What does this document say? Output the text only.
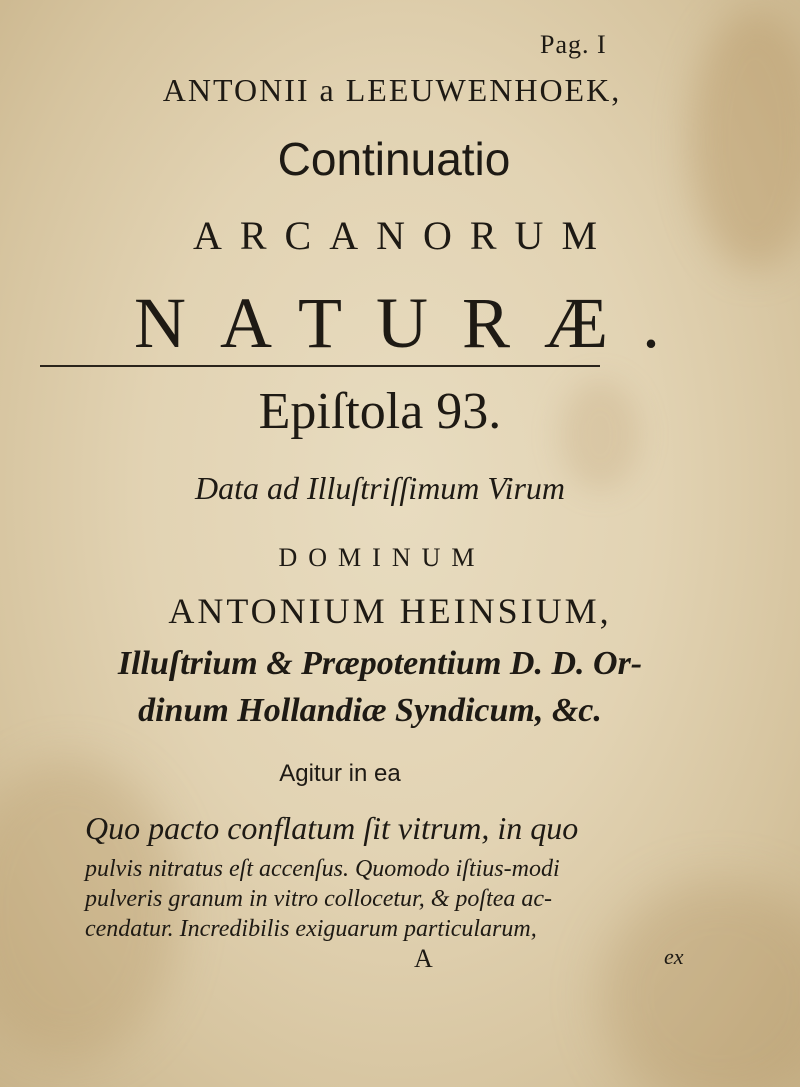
Pag. I
ANTONII a LEEUWENHOEK,
Continuatio
ARCANORUM
NATURÆ.
Epiſtola 93.
Data ad Illuſtriſſimum Virum
DOMINUM
ANTONIUM HEINSIUM,
Illuſtrium & Præpotentium D. D. Or-
dinum Hollandiæ Syndicum, &c.
Agitur in ea
Quo pacto conflatum ſit vitrum, in quo
pulvis nitratus eſt accenſus. Quomodo iſtius-modi
pulveris granum in vitro collocetur, & poſtea ac-
cendatur. Incredibilis exiguarum particularum,
A	ex
